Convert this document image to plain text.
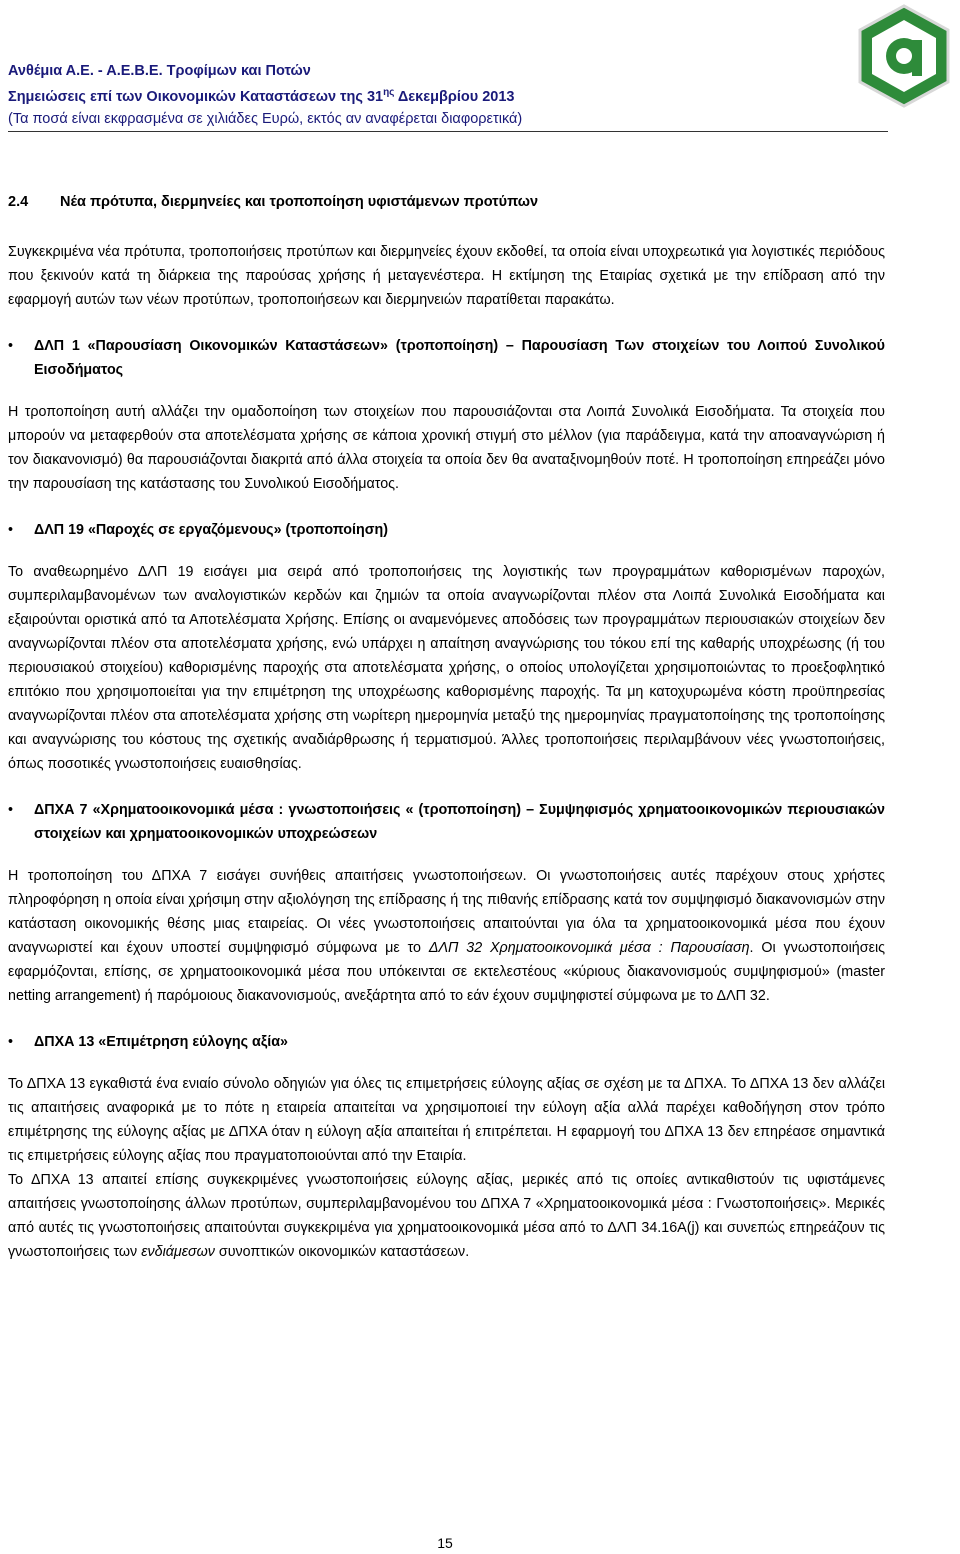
Ανθέμια Α.Ε. - Α.Ε.Β.Ε. Τροφίμων και Ποτών
Σημειώσεις επί των Οικονομικών Καταστάσεων της $31^{\eta\varsigma}$ Δεκεμβρίου 2013
(Τα ποσά είναι εκφρασμένα σε χιλιάδες Ευρώ, εκτός αν αναφέρεται διαφορετικά)
2.4 Νέα πρότυπα, διερμηνείες και τροποποίηση υφιστάμενων προτύπων

Συγκεκριμένα νέα πρότυπα, τροποποιήσεις προτύπων και διερμηνείες έχουν εκδοθεί, τα οποία είναι υποχρεωτικά για λογιστικές περιόδους που ξεκινούν κατά τη διάρκεια της παρούσας χρήσης ή μεταγενέστερα. Η εκτίμηση της Εταιρίας σχετικά με την επίδραση από την εφαρμογή αυτών των νέων προτύπων, τροποποιήσεων και διερμηνειών παρατίθεται παρακάτω.

• ΔΛΠ 1 «Παρουσίαση Οικονομικών Καταστάσεων» (τροποποίηση) – Παρουσίαση Των στοιχείων του Λοιπού Συνολικού Εισοδήματος

Η τροποποίηση αυτή αλλάζει την ομαδοποίηση των στοιχείων που παρουσιάζονται στα Λοιπά Συνολικά Εισοδήματα. Τα στοιχεία που μπορούν να μεταφερθούν στα αποτελέσματα χρήσης σε κάποια χρονική στιγμή στο μέλλον (για παράδειγμα, κατά την αποαναγνώριση ή τον διακανονισμό) θα παρουσιάζονται διακριτά από άλλα στοιχεία τα οποία δεν θα αναταξινομηθούν ποτέ. Η τροποποίηση επηρεάζει μόνο την παρουσίαση της κατάστασης του Συνολικού Εισοδήματος.

• ΔΛΠ 19 «Παροχές σε εργαζόμενους» (τροποποίηση)

Το αναθεωρημένο ΔΛΠ 19 εισάγει μια σειρά από τροποποιήσεις της λογιστικής των προγραμμάτων καθορισμένων παροχών, συμπεριλαμβανομένων των αναλογιστικών κερδών και ζημιών τα οποία αναγνωρίζονται πλέον στα Λοιπά Συνολικά Εισοδήματα και εξαιρούνται οριστικά από τα Αποτελέσματα Χρήσης. Επίσης οι αναμενόμενες αποδόσεις των προγραμμάτων περιουσιακών στοιχείων δεν αναγνωρίζονται πλέον στα αποτελέσματα χρήσης, ενώ υπάρχει η απαίτηση αναγνώρισης του τόκου επί της καθαρής υποχρέωσης (ή του περιουσιακού στοιχείου) καθορισμένης παροχής στα αποτελέσματα χρήσης, ο οποίος υπολογίζεται χρησιμοποιώντας το προεξοφλητικό επιτόκιο που χρησιμοποιείται για την επιμέτρηση της υποχρέωσης καθορισμένης παροχής. Τα μη κατοχυρωμένα κόστη προϋπηρεσίας αναγνωρίζονται πλέον στα αποτελέσματα χρήσης στη νωρίτερη ημερομηνία μεταξύ της ημερομηνίας πραγματοποίησης της τροποποίησης και αναγνώρισης του κόστους της σχετικής αναδιάρθρωσης ή τερματισμού. Άλλες τροποποιήσεις περιλαμβάνουν νέες γνωστοποιήσεις, όπως ποσοτικές γνωστοποιήσεις ευαισθησίας.

• ΔΠΧΑ 7 «Χρηματοοικονομικά μέσα : γνωστοποιήσεις « (τροποποίηση) – Συμψηφισμός χρηματοοικονομικών περιουσιακών στοιχείων και χρηματοοικονομικών υποχρεώσεων

Η τροποποίηση του ΔΠΧΑ 7 εισάγει συνήθεις απαιτήσεις γνωστοποιήσεων. Οι γνωστοποιήσεις αυτές παρέχουν στους χρήστες πληροφόρηση η οποία είναι χρήσιμη στην αξιολόγηση της επίδρασης ή της πιθανής επίδρασης κατά τον συμψηφισμό διακανονισμών στην κατάσταση οικονομικής θέσης μιας εταιρείας. Οι νέες γνωστοποιήσεις απαιτούνται για όλα τα χρηματοοικονομικά μέσα που έχουν αναγνωριστεί και έχουν υποστεί συμψηφισμό σύμφωνα με το ΔΛΠ 32 Χρηματοοικονομικά μέσα : Παρουσίαση. Οι γνωστοποιήσεις εφαρμόζονται, επίσης, σε χρηματοοικονομικά μέσα που υπόκεινται σε εκτελεστέους «κύριους διακανονισμούς συμψηφισμού» (master netting arrangement) ή παρόμοιους διακανονισμούς, ανεξάρτητα από το εάν έχουν συμψηφιστεί σύμφωνα με το ΔΛΠ 32.

• ΔΠΧΑ 13 «Επιμέτρηση εύλογης αξία»

Το ΔΠΧΑ 13 εγκαθιστά ένα ενιαίο σύνολο οδηγιών για όλες τις επιμετρήσεις εύλογης αξίας σε σχέση με τα ΔΠΧΑ. Το ΔΠΧΑ 13 δεν αλλάζει τις απαιτήσεις αναφορικά με το πότε η εταιρεία απαιτείται να χρησιμοποιεί την εύλογη αξία αλλά παρέχει καθοδήγηση στον τρόπο επιμέτρησης της εύλογης αξίας με ΔΠΧΑ όταν η εύλογη αξία απαιτείται ή επιτρέπεται. Η εφαρμογή του ΔΠΧΑ 13 δεν επηρέασε σημαντικά τις επιμετρήσεις εύλογης αξίας που πραγματοποιούνται από την Εταιρία.

Το ΔΠΧΑ 13 απαιτεί επίσης συγκεκριμένες γνωστοποιήσεις εύλογης αξίας, μερικές από τις οποίες αντικαθιστούν τις υφιστάμενες απαιτήσεις γνωστοποίησης άλλων προτύπων, συμπεριλαμβανομένου του ΔΠΧΑ 7 «Χρηματοοικονομικά μέσα : Γνωστοποιήσεις». Μερικές από αυτές τις γνωστοποιήσεις απαιτούνται συγκεκριμένα για χρηματοοικονομικά μέσα από το ΔΛΠ 34.16Α(j) και συνεπώς επηρεάζουν τις γνωστοποιήσεις των ενδιάμεσων συνοπτικών οικονομικών καταστάσεων.

15
